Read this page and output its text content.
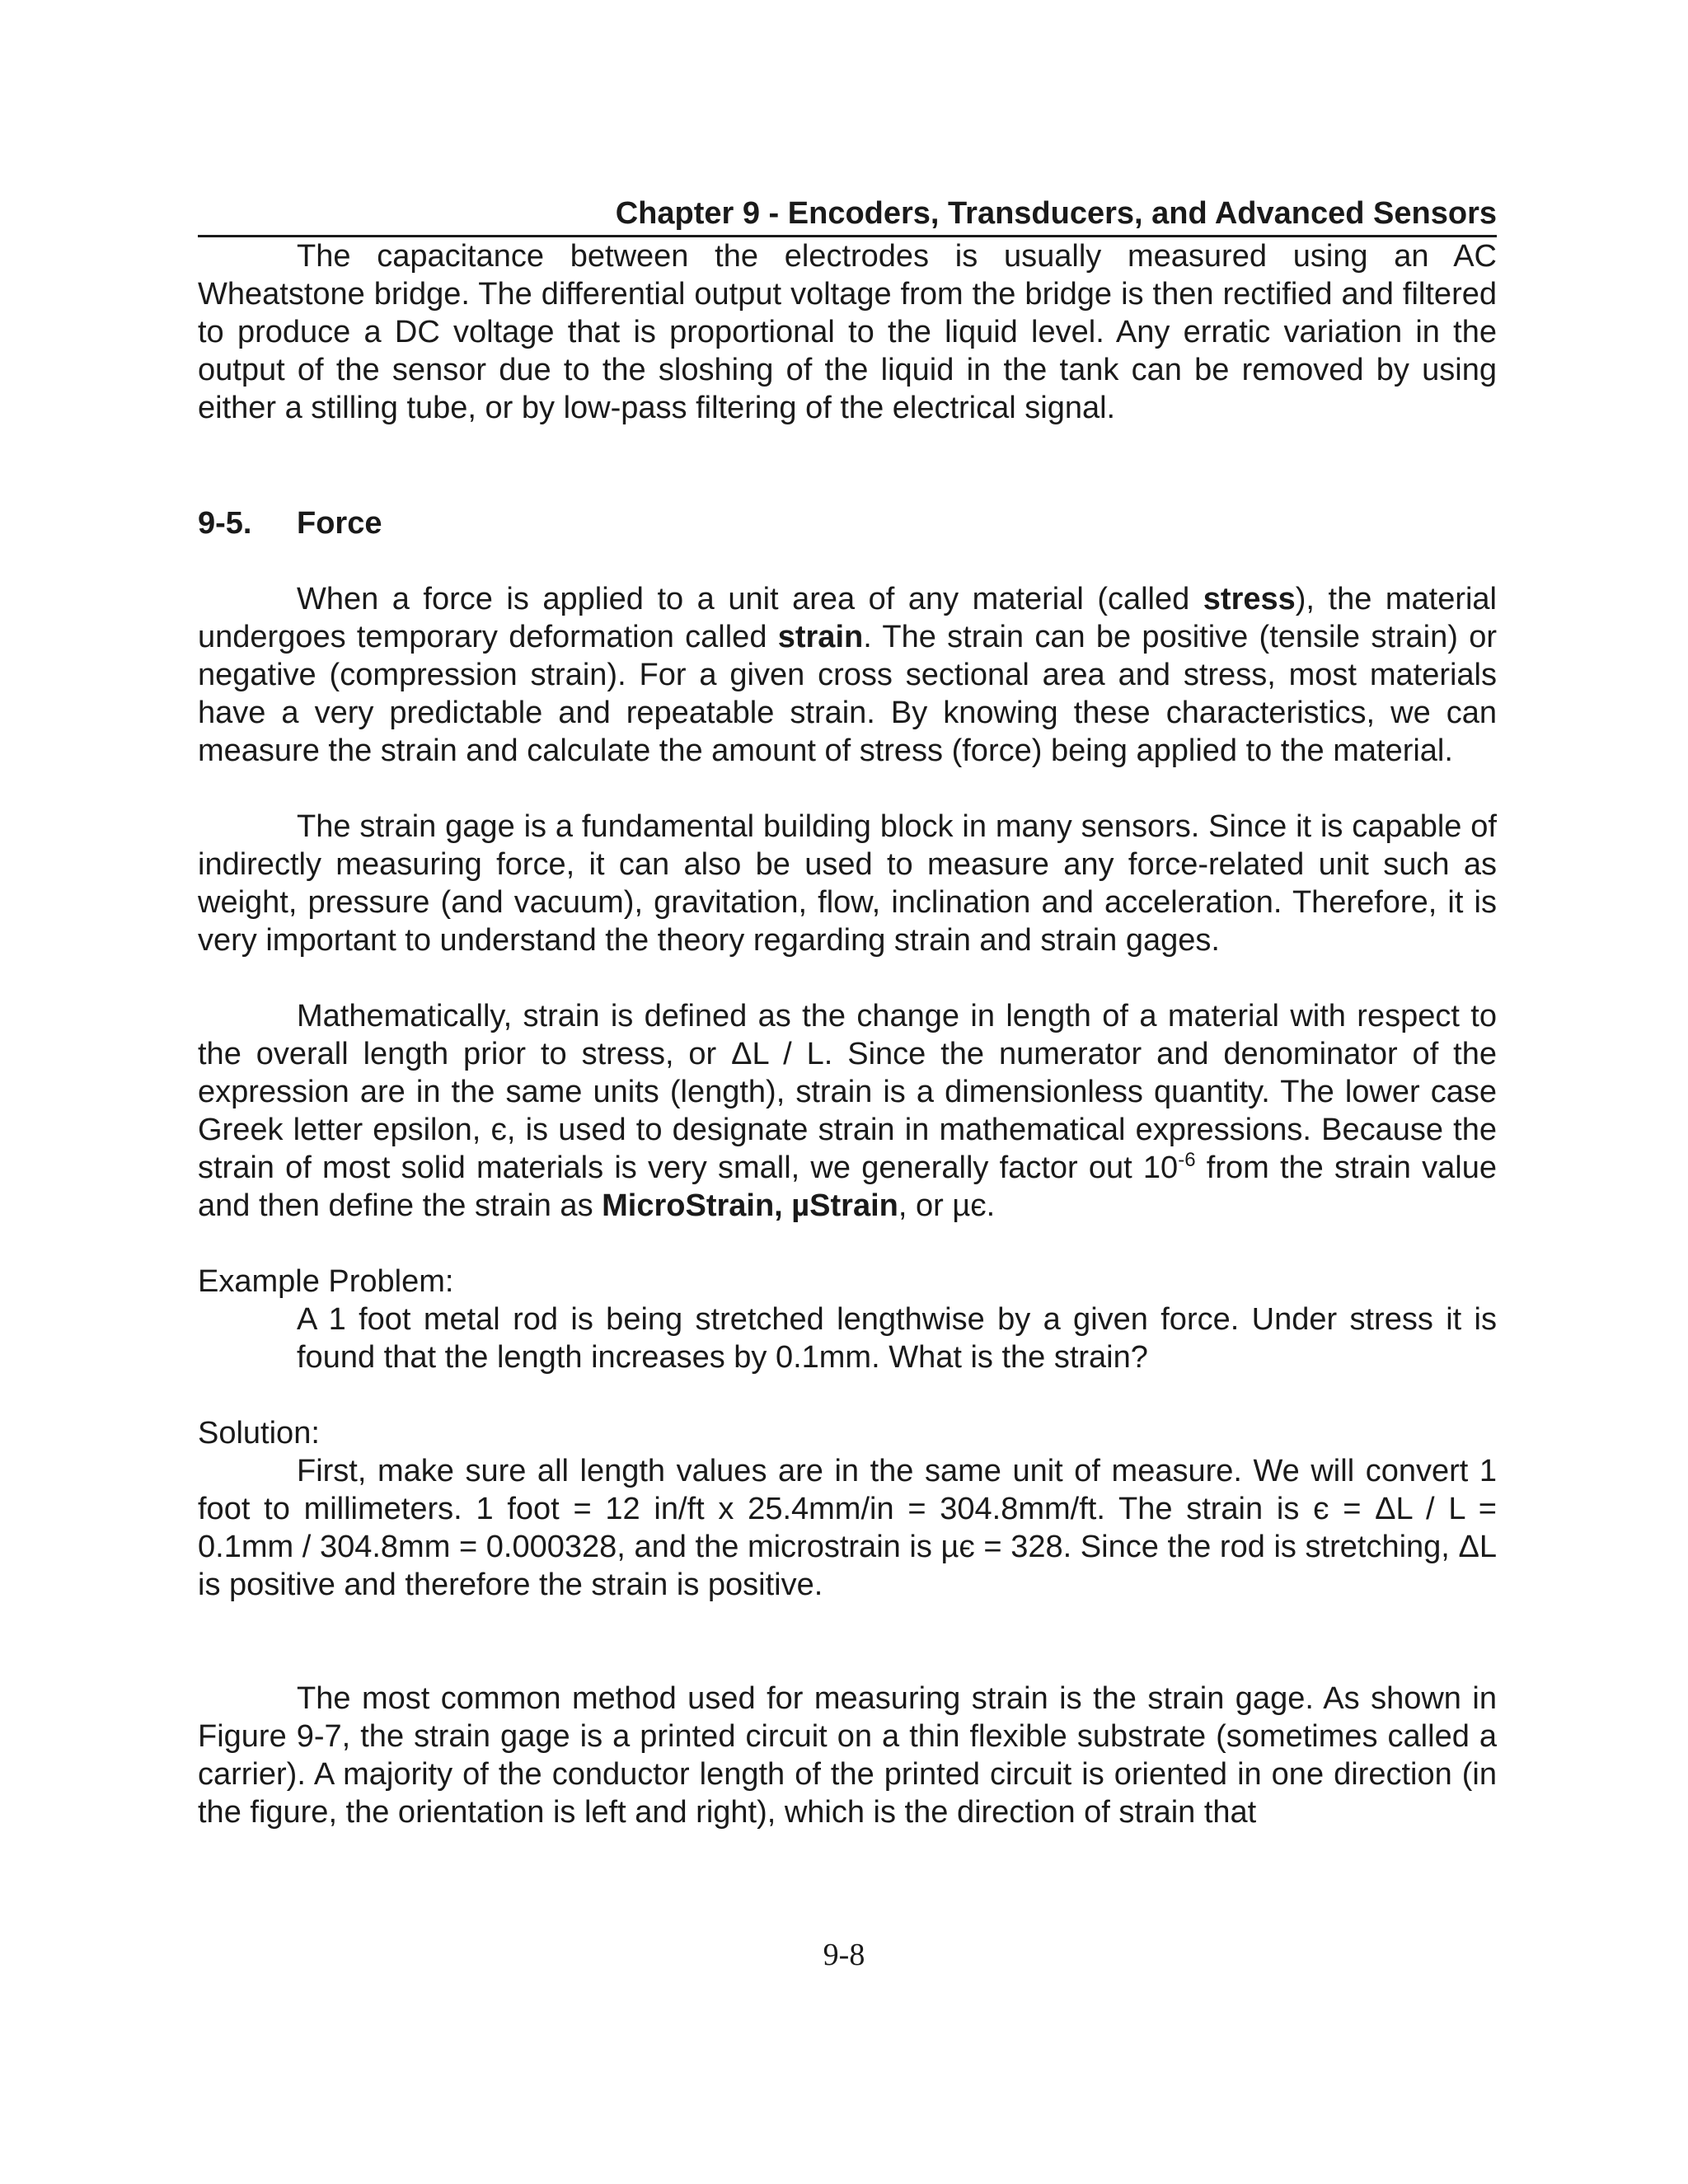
Chapter 9 - Encoders, Transducers, and Advanced Sensors

The capacitance between the electrodes is usually measured using an AC Wheatstone bridge. The differential output voltage from the bridge is then rectified and filtered to produce a DC voltage that is proportional to the liquid level. Any erratic variation in the output of the sensor due to the sloshing of the liquid in the tank can be removed by using either a stilling tube, or by low-pass filtering of the electrical signal.

9-5. Force

When a force is applied to a unit area of any material (called stress), the material undergoes temporary deformation called strain. The strain can be positive (tensile strain) or negative (compression strain). For a given cross sectional area and stress, most materials have a very predictable and repeatable strain. By knowing these characteristics, we can measure the strain and calculate the amount of stress (force) being applied to the material.

The strain gage is a fundamental building block in many sensors. Since it is capable of indirectly measuring force, it can also be used to measure any force-related unit such as weight, pressure (and vacuum), gravitation, flow, inclination and acceleration. Therefore, it is very important to understand the theory regarding strain and strain gages.

Mathematically, strain is defined as the change in length of a material with respect to the overall length prior to stress, or ΔL / L. Since the numerator and denominator of the expression are in the same units (length), strain is a dimensionless quantity. The lower case Greek letter epsilon, є, is used to designate strain in mathematical expressions. Because the strain of most solid materials is very small, we generally factor out $10^{-6}$ from the strain value and then define the strain as MicroStrain, µStrain, or µє.

Example Problem:

A 1 foot metal rod is being stretched lengthwise by a given force. Under stress it is found that the length increases by 0.1mm. What is the strain?

Solution:

First, make sure all length values are in the same unit of measure. We will convert 1 foot to millimeters. 1 foot = 12 in/ft x 25.4mm/in = 304.8mm/ft. The strain is є = ΔL / L = 0.1mm / 304.8mm = 0.000328, and the microstrain is µє = 328. Since the rod is stretching, ΔL is positive and therefore the strain is positive.

The most common method used for measuring strain is the strain gage. As shown in Figure 9-7, the strain gage is a printed circuit on a thin flexible substrate (sometimes called a carrier). A majority of the conductor length of the printed circuit is oriented in one direction (in the figure, the orientation is left and right), which is the direction of strain that

9-8
